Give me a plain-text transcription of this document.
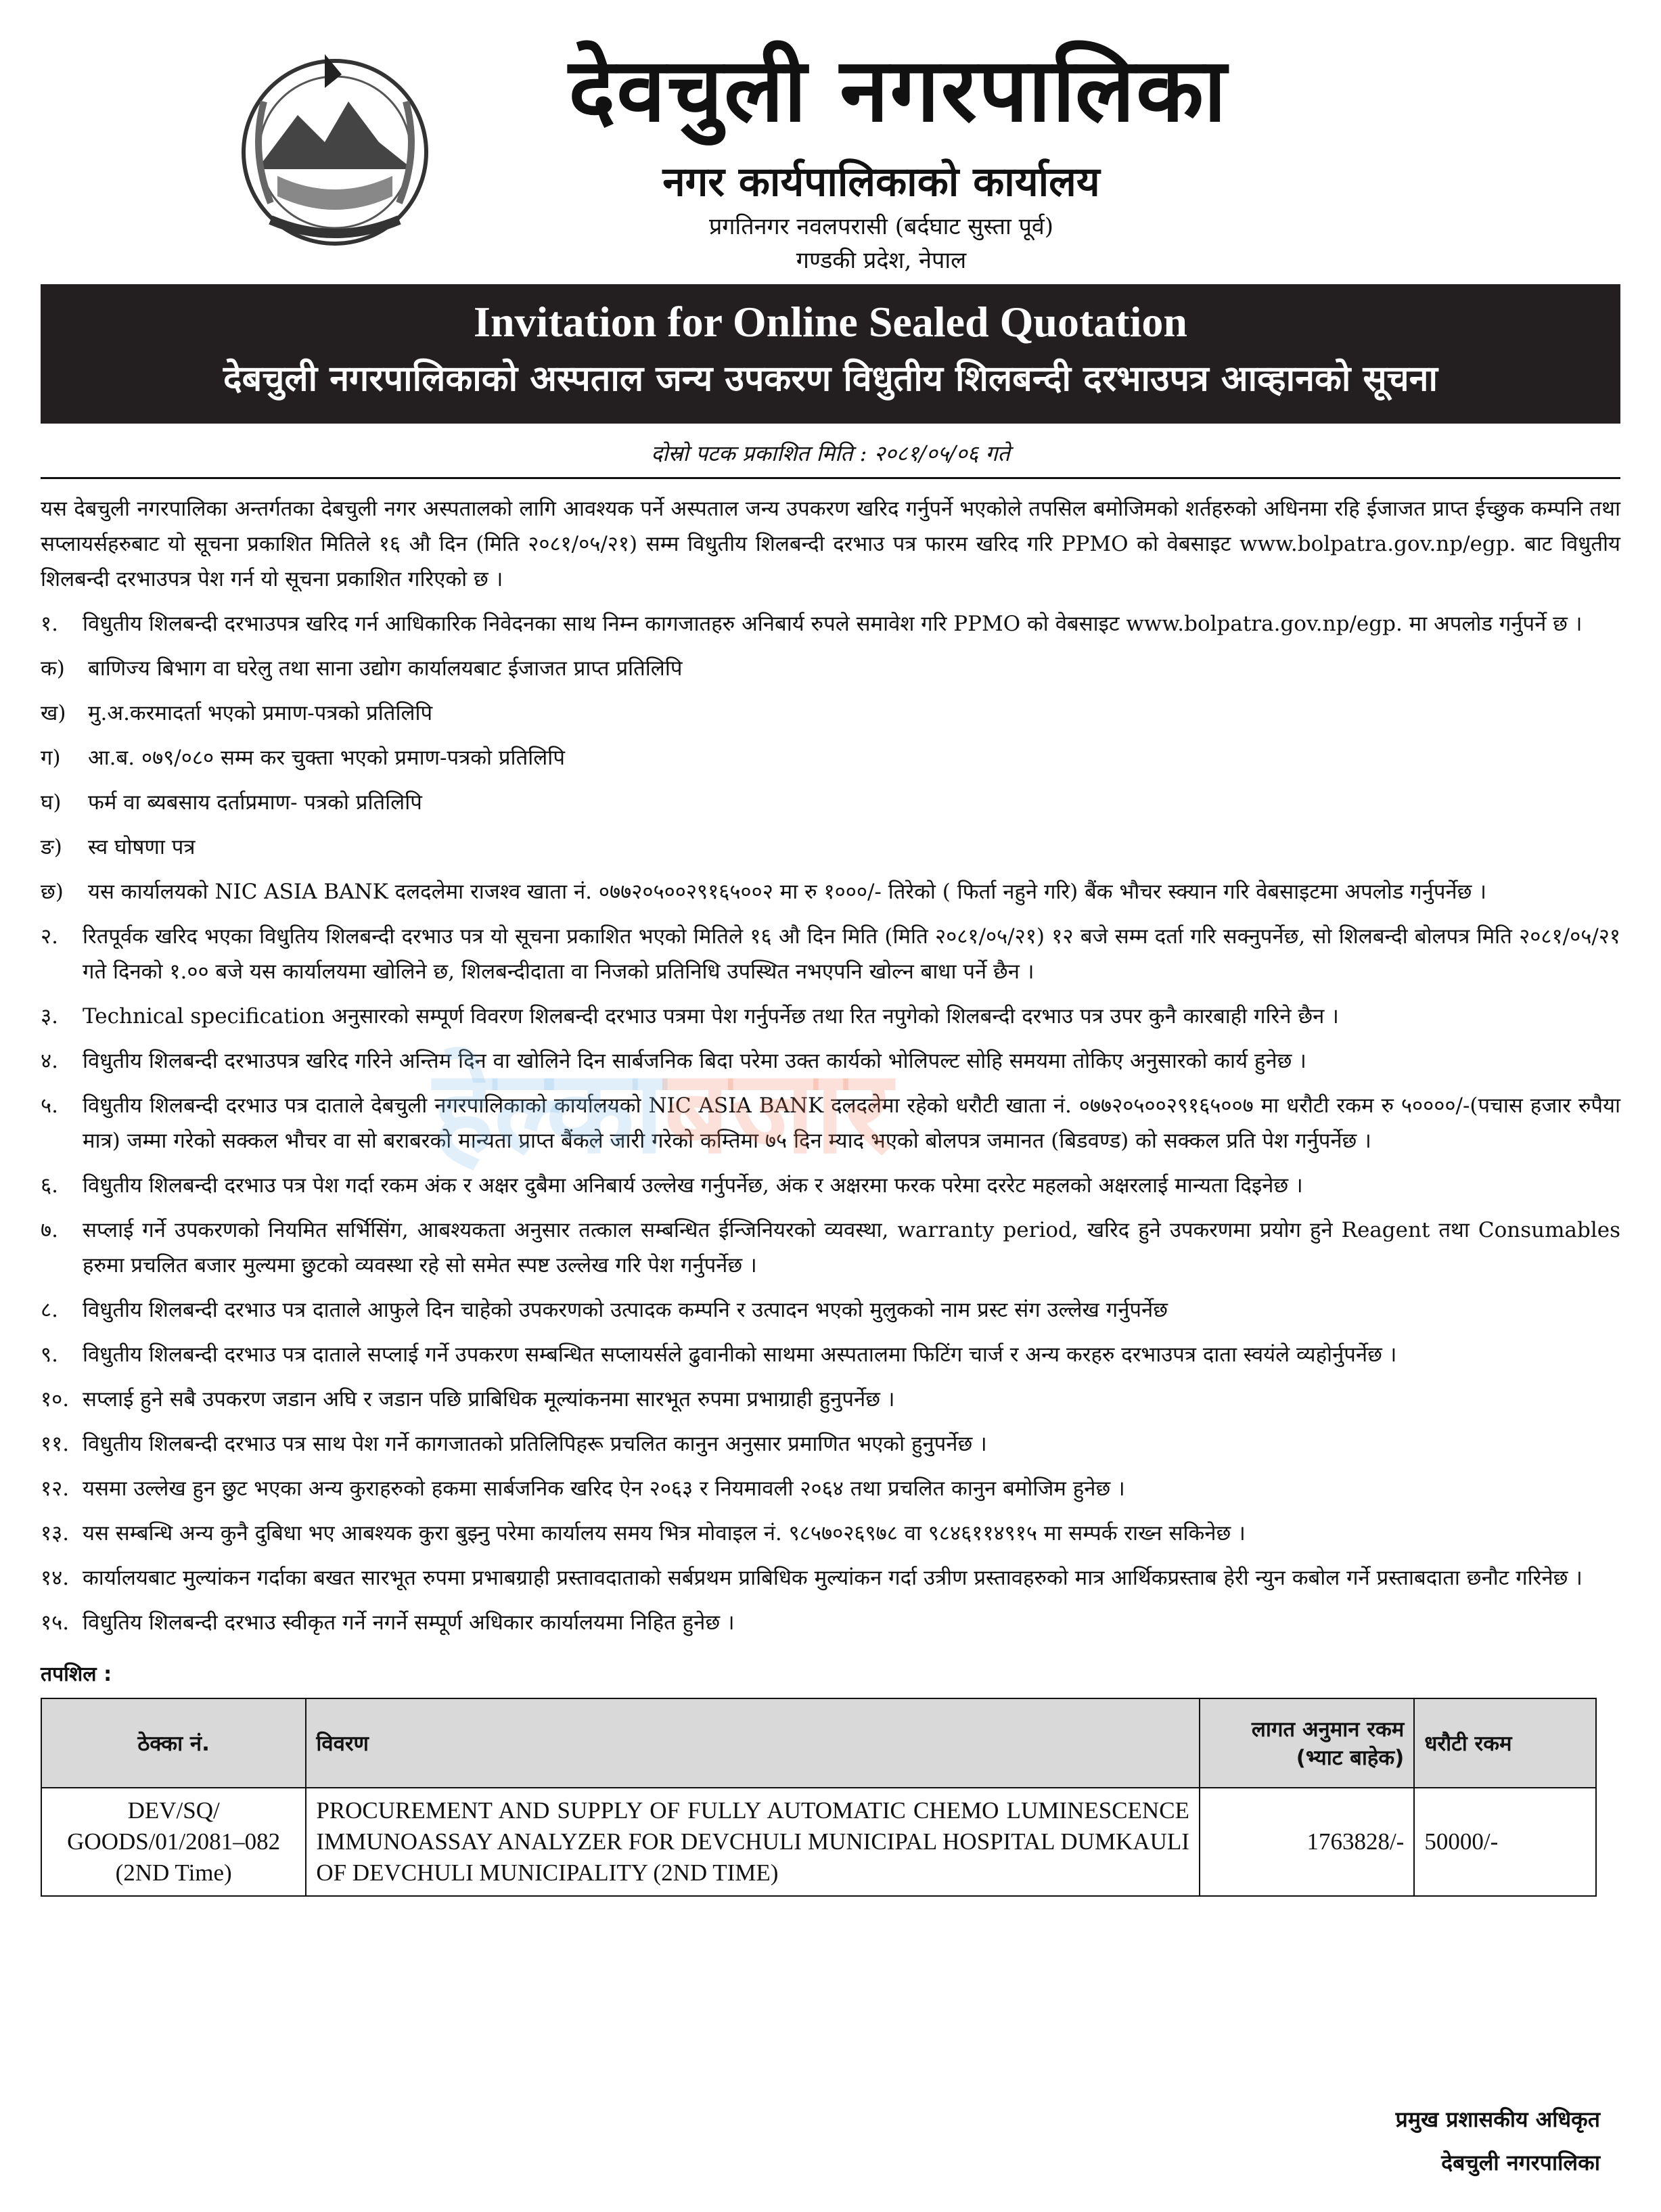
देवचुली नगरपालिका
नगर कार्यपालिकाको कार्यालय
प्रगतिनगर नवलपरासी (बर्दघाट सुस्ता पूर्व)
गण्डकी प्रदेश, नेपाल
Invitation for Online Sealed Quotation
देबचुली नगरपालिकाको अस्पताल जन्य उपकरण विधुतीय शिलबन्दी दरभाउपत्र आव्हानको सूचना
दोस्रो पटक प्रकाशित मिति : २०८१/०५/०६ गते
यस देबचुली नगरपालिका अन्तर्गतका देबचुली नगर अस्पतालको लागि आवश्यक पर्ने अस्पताल जन्य उपकरण खरिद गर्नुपर्ने भएकोले तपसिल बमोजिमको शर्तहरुको अधिनमा रहि ईजाजत प्राप्त ईच्छुक कम्पनि तथा सप्लायर्सहरुबाट यो सूचना प्रकाशित मितिले १६ औ दिन (मिति २०८१/०५/२१) सम्म विधुतीय शिलबन्दी दरभाउ पत्र फारम खरिद गरि PPMO को वेबसाइट www.bolpatra.gov.np/egp. बाट विधुतीय शिलबन्दी दरभाउपत्र पेश गर्न यो सूचना प्रकाशित गरिएको छ ।
१.	विधुतीय शिलबन्दी दरभाउपत्र खरिद गर्न आधिकारिक निवेदनका साथ निम्न कागजातहरु अनिबार्य रुपले समावेश गरि PPMO को वेबसाइट www.bolpatra.gov.np/egp. मा अपलोड गर्नुपर्ने छ ।
क)	बाणिज्य बिभाग वा घरेलु तथा साना उद्योग कार्यालयबाट ईजाजत प्राप्त प्रतिलिपि
ख)	मु.अ.करमादर्ता भएको प्रमाण-पत्रको प्रतिलिपि
ग)	आ.ब. ०७९/०८० सम्म कर चुक्ता भएको प्रमाण-पत्रको प्रतिलिपि
घ)	फर्म वा ब्यबसाय दर्ताप्रमाण- पत्रको प्रतिलिपि
ङ)	स्व घोषणा पत्र
छ)	यस कार्यालयको NIC ASIA BANK दलदलेमा राजश्व खाता नं. ०७७२०५००२९१६५००२ मा रु १०००/- तिरेको ( फिर्ता नहुने गरि) बैंक भौचर स्क्यान गरि वेबसाइटमा अपलोड गर्नुपर्नेछ ।
२.	रितपूर्वक खरिद भएका विधुतिय शिलबन्दी दरभाउ पत्र यो सूचना प्रकाशित भएको मितिले १६ औ दिन मिति (मिति २०८१/०५/२१) १२ बजे सम्म दर्ता गरि सक्नुपर्नेछ, सो शिलबन्दी बोलपत्र मिति २०८१/०५/२१ गते दिनको १.०० बजे यस कार्यालयमा खोलिने छ, शिलबन्दीदाता वा निजको प्रतिनिधि उपस्थित नभएपनि खोल्न बाधा पर्ने छैन ।
३.	Technical specification अनुसारको सम्पूर्ण विवरण शिलबन्दी दरभाउ पत्रमा पेश गर्नुपर्नेछ तथा रित नपुगेको शिलबन्दी दरभाउ पत्र उपर कुनै कारबाही गरिने छैन ।
४.	विधुतीय शिलबन्दी दरभाउपत्र खरिद गरिने अन्तिम दिन वा खोलिने दिन सार्बजनिक बिदा परेमा उक्त कार्यको भोलिपल्ट सोहि समयमा तोकिए अनुसारको कार्य हुनेछ ।
५.	विधुतीय शिलबन्दी दरभाउ पत्र दाताले देबचुली नगरपालिकाको कार्यालयको NIC ASIA BANK दलदलेमा रहेको धरौटी खाता नं. ०७७२०५००२९१६५००७ मा धरौटी रकम रु ५००००/-(पचास हजार रुपैया मात्र) जम्मा गरेको सक्कल भौचर वा सो बराबरको मान्यता प्राप्त बैंकले जारी गरेको कम्तिमा ७५ दिन म्याद भएको बोलपत्र जमानत (बिडवण्ड) को सक्कल प्रति पेश गर्नुपर्नेछ ।
६.	विधुतीय शिलबन्दी दरभाउ पत्र पेश गर्दा रकम अंक र अक्षर दुबैमा अनिबार्य उल्लेख गर्नुपर्नेछ, अंक र अक्षरमा फरक परेमा दररेट महलको अक्षरलाई मान्यता दिइनेछ ।
७.	सप्लाई गर्ने उपकरणको नियमित सर्भिसिंग, आबश्यकता अनुसार तत्काल सम्बन्धित ईन्जिनियरको व्यवस्था, warranty period, खरिद हुने उपकरणमा प्रयोग हुने Reagent तथा Consumables हरुमा प्रचलित बजार मुल्यमा छुटको व्यवस्था रहे सो समेत स्पष्ट उल्लेख गरि पेश गर्नुपर्नेछ ।
८.	विधुतीय शिलबन्दी दरभाउ पत्र दाताले आफुले दिन चाहेको उपकरणको उत्पादक कम्पनि र उत्पादन भएको मुलुकको नाम प्रस्ट संग उल्लेख गर्नुपर्नेछ
९.	विधुतीय शिलबन्दी दरभाउ पत्र दाताले सप्लाई गर्ने उपकरण सम्बन्धित सप्लायर्सले ढुवानीको साथमा अस्पतालमा फिटिंग चार्ज र अन्य करहरु दरभाउपत्र दाता स्वयंले व्यहोर्नुपर्नेछ ।
१०. सप्लाई हुने सबै उपकरण जडान अघि र जडान पछि प्राबिधिक मूल्यांकनमा सारभूत रुपमा प्रभाग्राही हुनुपर्नेछ ।
११. विधुतीय शिलबन्दी दरभाउ पत्र साथ पेश गर्ने कागजातको प्रतिलिपिहरू प्रचलित कानुन अनुसार प्रमाणित भएको हुनुपर्नेछ ।
१२. यसमा उल्लेख हुन छुट भएका अन्य कुराहरुको हकमा सार्बजनिक खरिद ऐन २०६३ र नियमावली २०६४ तथा प्रचलित कानुन बमोजिम हुनेछ ।
१३. यस सम्बन्धि अन्य कुनै दुबिधा भए आबश्यक कुरा बुझ्नु परेमा कार्यालय समय भित्र मोवाइल नं. ९८५७०२६९७८ वा ९८४६११४९१५ मा सम्पर्क राख्न सकिनेछ ।
१४. कार्यालयबाट मुल्यांकन गर्दाका बखत सारभूत रुपमा प्रभाबग्राही प्रस्तावदाताको सर्बप्रथम प्राबिधिक मुल्यांकन गर्दा उत्रीण प्रस्तावहरुको मात्र आर्थिकप्रस्ताब हेरी न्युन कबोल गर्ने प्रस्ताबदाता छनौट गरिनेछ ।
१५. विधुतिय शिलबन्दी दरभाउ स्वीकृत गर्ने नगर्ने सम्पूर्ण अधिकार कार्यालयमा निहित हुनेछ ।
तपशिल :
ठेक्का नं.	विवरण	लागत अनुमान रकम (भ्याट बाहेक)	धरौटी रकम
DEV/SQ/ GOODS/01/2081–082 (2ND Time)	PROCUREMENT AND SUPPLY OF FULLY AUTOMATIC CHEMO LUMINESCENCE IMMUNOASSAY ANALYZER FOR DEVCHULI MUNICIPAL HOSPITAL DUMKAULI OF DEVCHULI MUNICIPALITY (2ND TIME)	1763828/-	50000/-
प्रमुख प्रशासकीय अधिकृत
देबचुली नगरपालिका
हेल्काबजार
